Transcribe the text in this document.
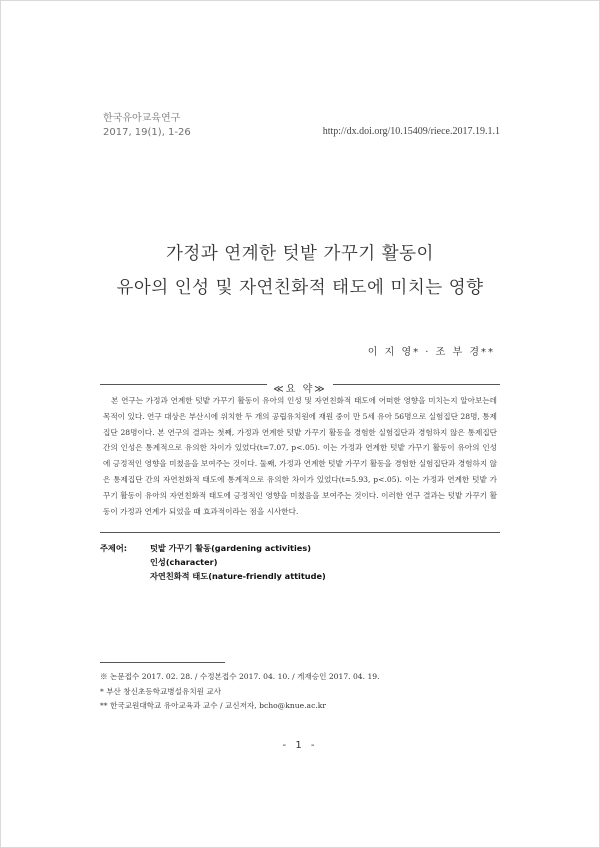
한국유아교육연구
2017, 19(1), 1-26	http://dx.doi.org/10.15409/riece.2017.19.1.1
가정과 연계한 텃밭 가꾸기 활동이
유아의 인성 및 자연친화적 태도에 미치는 영향
이 지 영* · 조 부 경**
≪요 약≫

본 연구는 가정과 연계한 텃밭 가꾸기 활동이 유아의 인성 및 자연친화적 태도에 어떠한 영향을 미치는지 알아보는데 목적이 있다. 연구 대상은 부산시에 위치한 두 개의 공립유치원에 재원 중이 만 5세 유아 56명으로 실험집단 28명, 통제집단 28명이다. 본 연구의 결과는 첫째, 가정과 연계한 텃밭 가꾸기 활동을 경험한 실험집단과 경험하지 않은 통제집단 간의 인성은 통계적으로 유의한 차이가 있었다(t=7.07, p<.05). 이는 가정과 연계한 텃밭 가꾸기 활동이 유아의 인성에 긍정적인 영향을 미쳤음을 보여주는 것이다. 둘째, 가정과 연계한 텃밭 가꾸기 활동을 경험한 실험집단과 경험하지 않은 통제집단 간의 자연친화적 태도에 통계적으로 유의한 차이가 있었다(t=5.93, p<.05). 이는 가정과 연계한 텃밭 가꾸기 활동이 유아의 자연친화적 태도에 긍정적인 영향을 미쳤음을 보여주는 것이다. 이러한 연구 결과는 텃밭 가꾸기 활동이 가정과 연계가 되었을 때 효과적이라는 점을 시사한다.

주제어:	텃밭 가꾸기 활동(gardening activities)
인성(character)
자연친화적 태도(nature-friendly attitude)
※ 논문접수 2017. 02. 28. / 수정본접수 2017. 04. 10. / 게재승인 2017. 04. 19.
* 부산 창신초등학교병설유치원 교사
** 한국교원대학교 유아교육과 교수 / 교신저자, bcho@knue.ac.kr
- 1 -
